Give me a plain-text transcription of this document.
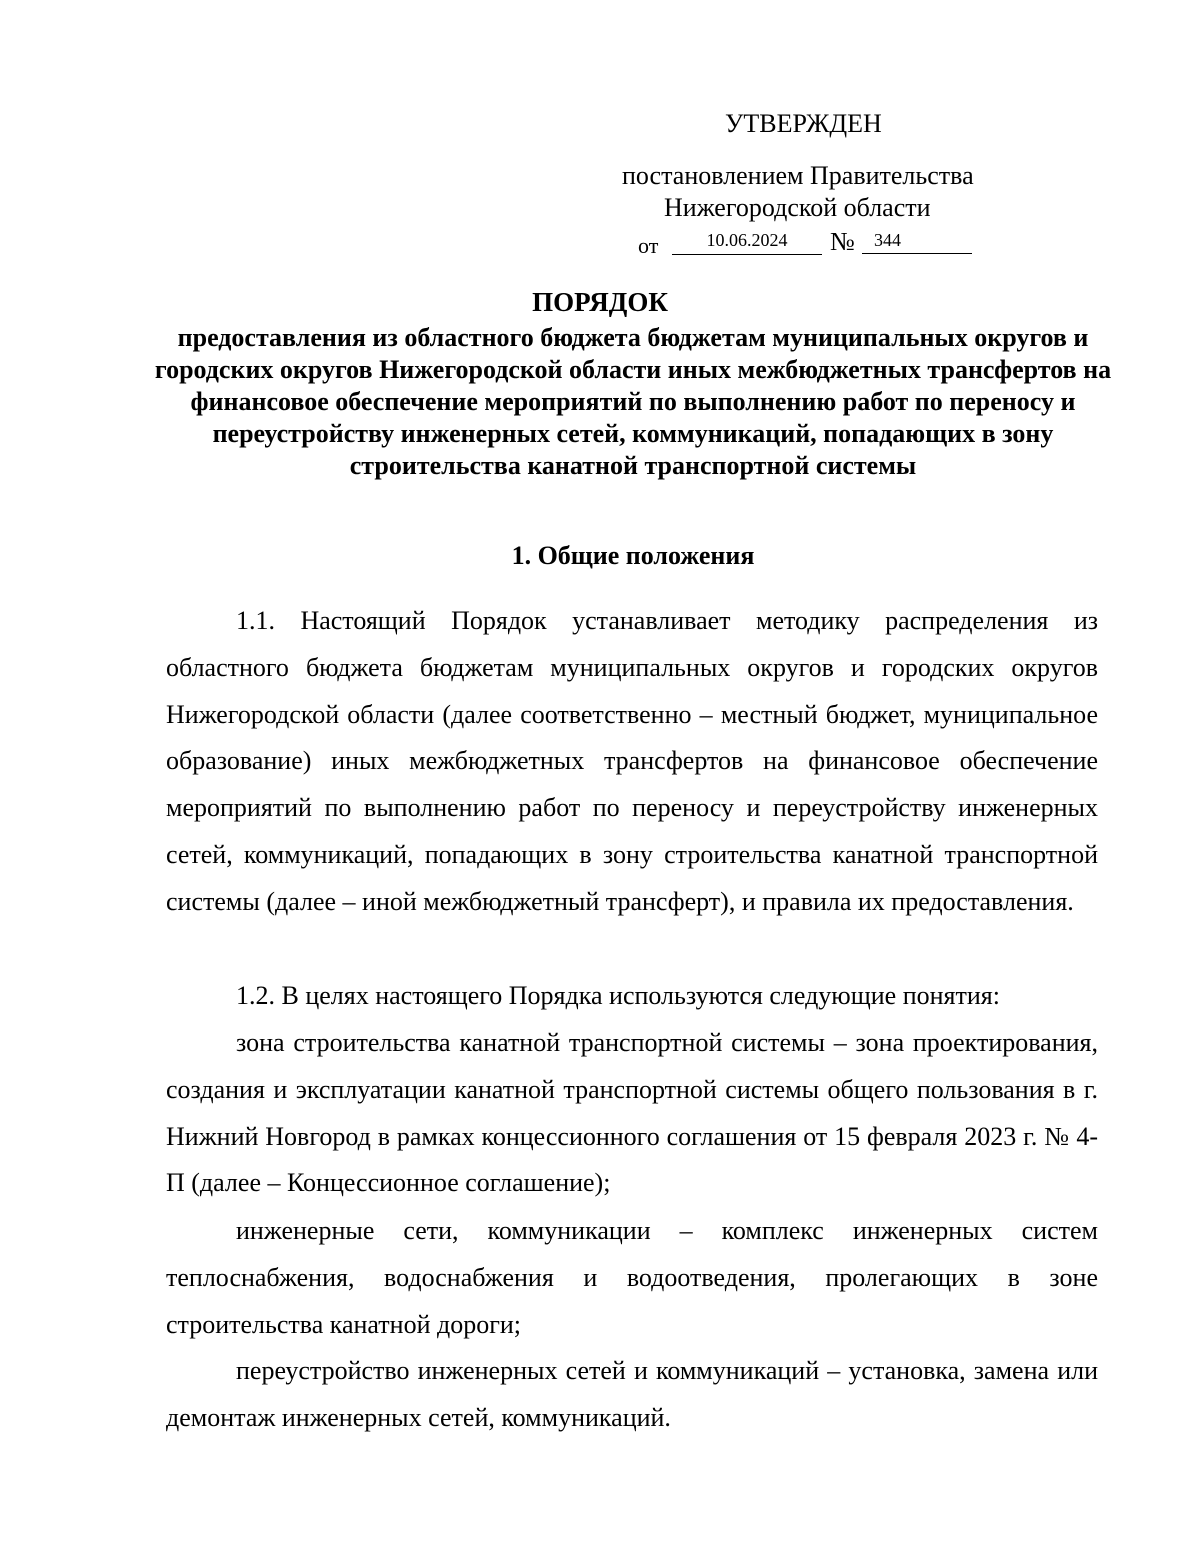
УТВЕРЖДЕН
постановлением Правительства
Нижегородской области
от	10.06.2024	№	344
ПОРЯДОК
предоставления из областного бюджета бюджетам муниципальных округов и городских округов Нижегородской области иных межбюджетных трансфертов на финансовое обеспечение мероприятий по выполнению работ по переносу и переустройству инженерных сетей, коммуникаций, попадающих в зону строительства канатной транспортной системы
1. Общие положения

1.1. Настоящий Порядок устанавливает методику распределения из областного бюджета бюджетам муниципальных округов и городских округов Нижегородской области (далее соответственно – местный бюджет, муниципальное образование) иных межбюджетных трансфертов на финансовое обеспечение мероприятий по выполнению работ по переносу и переустройству инженерных сетей, коммуникаций, попадающих в зону строительства канатной транспортной системы (далее – иной межбюджетный трансферт), и правила их предоставления.

1.2. В целях настоящего Порядка используются следующие понятия:

зона строительства канатной транспортной системы – зона проектирования, создания и эксплуатации канатной транспортной системы общего пользования в г. Нижний Новгород в рамках концессионного соглашения от 15 февраля 2023 г. № 4-П (далее – Концессионное соглашение);

инженерные сети, коммуникации – комплекс инженерных систем теплоснабжения, водоснабжения и водоотведения, пролегающих в зоне строительства канатной дороги;

переустройство инженерных сетей и коммуникаций – установка, замена или демонтаж инженерных сетей, коммуникаций.
